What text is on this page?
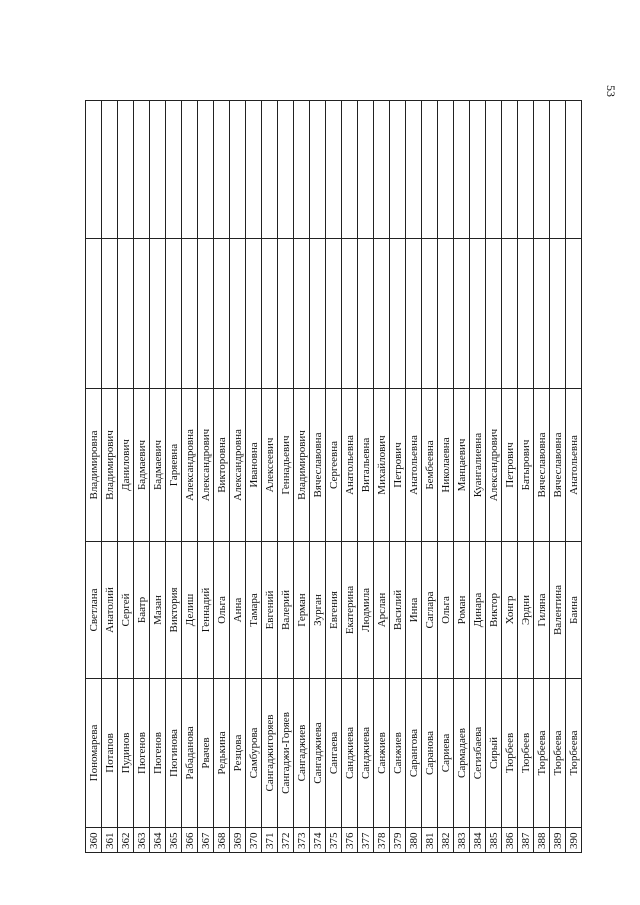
53
360	Пономарева	Светлана	Владимировна		
361	Потапов	Анатолий	Владимирович		
362	Пудинов	Сергей	Данилович		
363	Пюгенов	Баатр	Бадмаевич		
364	Пюгенов	Мазан	Бадмаевич		
365	Пюгинова	Виктория	Гаряевна		
366	Рабаданова	Делиш	Александровна		
367	Рвачев	Геннадий	Александрович		
368	Редькина	Ольга	Викторовна		
369	Резцова	Анна	Александровна		
370	Самбурова	Тамара	Ивановна		
371	Сангаджигоряев	Евгений	Алексеевич		
372	Сангаджи-Горяев	Валерий	Геннадьевич		
373	Сангаджиев	Герман	Владимирович		
374	Сангаджиева	Зурган	Вячеславовна		
375	Сангаева	Евгения	Сергеевна		
376	Санджиева	Екатерина	Анатольевна		
377	Санджиева	Людмила	Витальевна		
378	Санжиев	Арслан	Михайлович		
379	Санжиев	Василий	Петрович		
380	Сарангова	Инна	Анатольевна		
381	Саранова	Саглара	Бембеевна		
382	Сариева	Ольга	Николаевна		
383	Сармадаев	Роман	Манцаевич		
384	Сегизбаева	Динара	Куангалиевна		
385	Сирый	Виктор	Александрович		
386	Тюрбеев	Хонгр	Петрович		
387	Тюрбеев	Эрдни	Батырович		
388	Тюрбеева	Гиляна	Вячеславовна		
389	Тюрбеева	Валентина	Вячеславовна		
390	Тюрбеева	Баина	Анатольевна		
